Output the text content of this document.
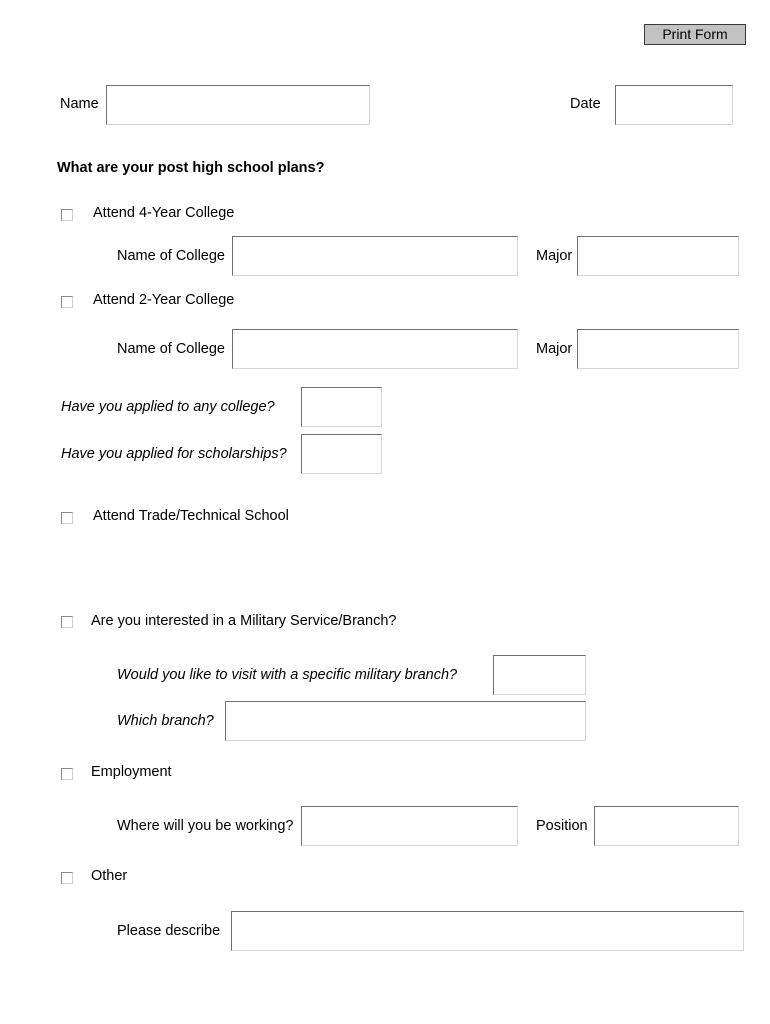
Print Form
Name	Date
What are your post high school plans?
Attend 4-Year College
Name of College	Major
Attend 2-Year College
Name of College	Major
Have you applied to any college?
Have you applied for scholarships?
Attend Trade/Technical School
Are you interested in a Military Service/Branch?
Would you like to visit with a specific military branch?
Which branch?
Employment
Where will you be working?	Position
Other
Please describe
